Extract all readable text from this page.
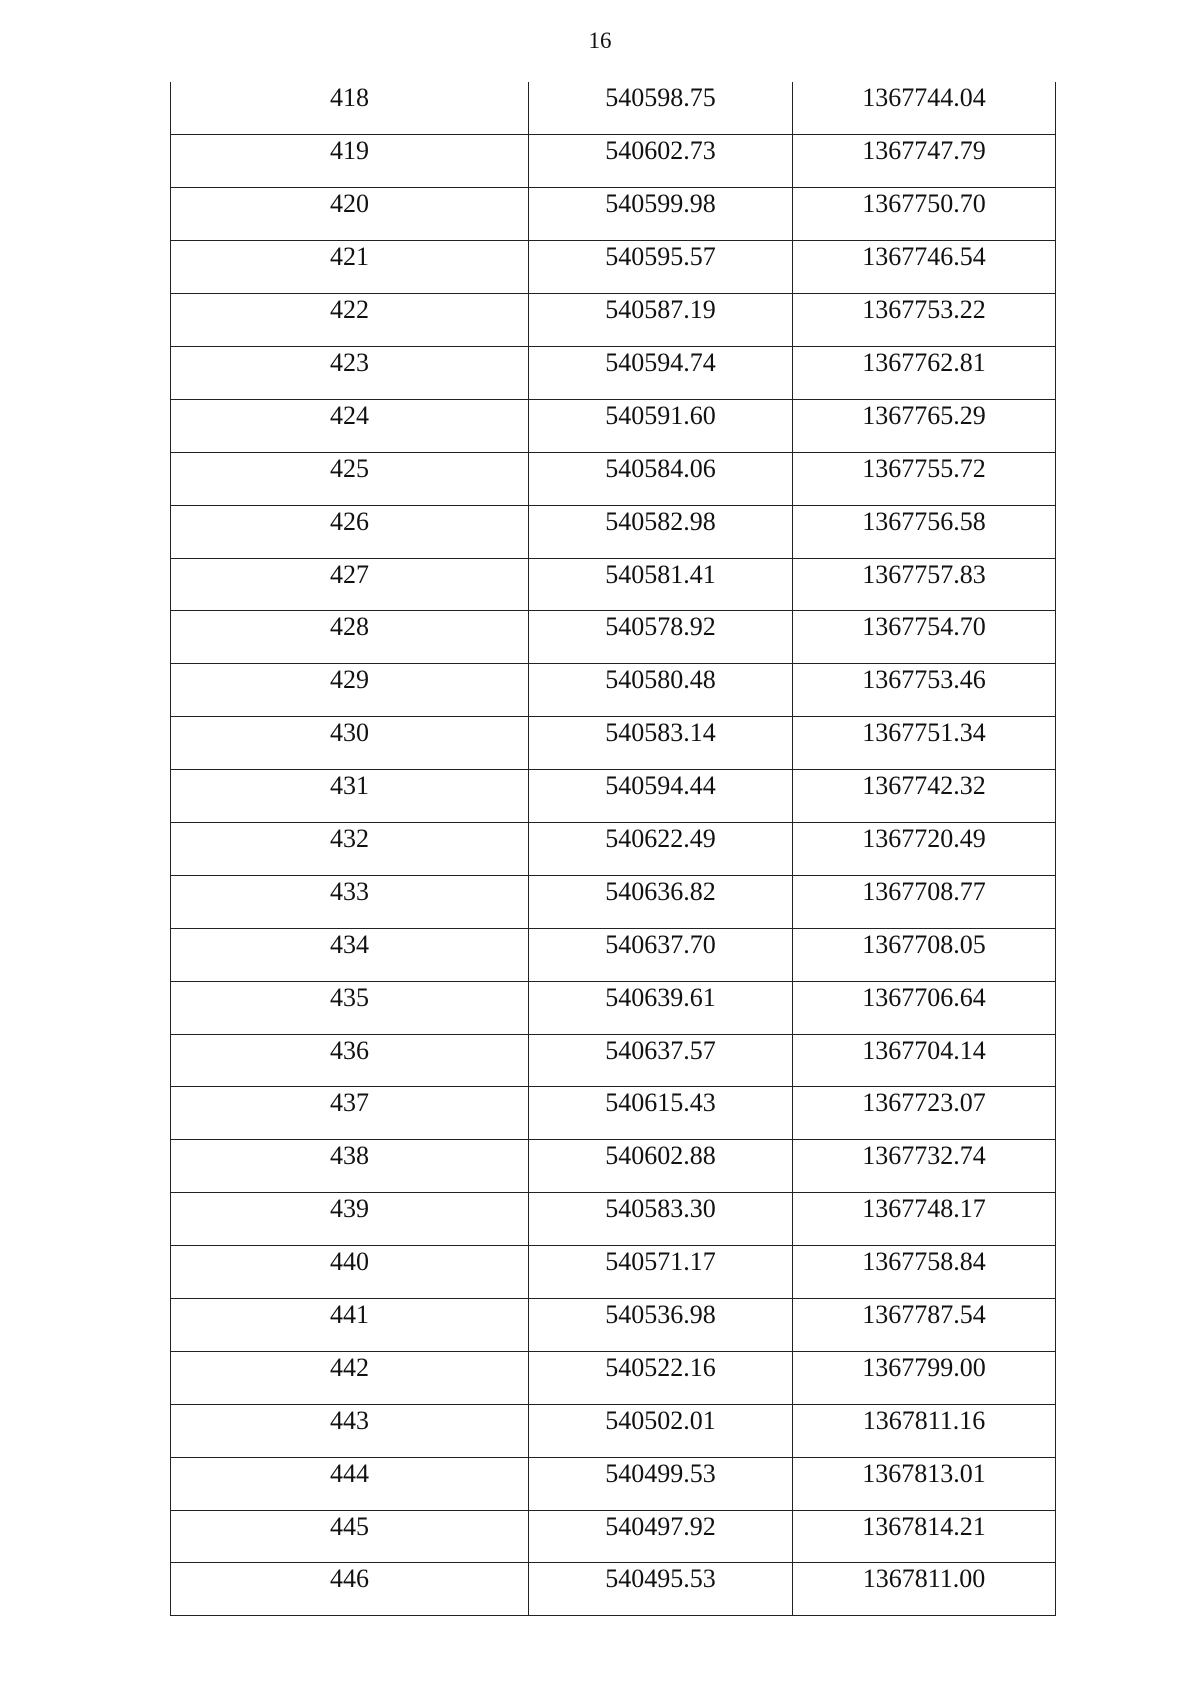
16
418	540598.75	1367744.04
419	540602.73	1367747.79
420	540599.98	1367750.70
421	540595.57	1367746.54
422	540587.19	1367753.22
423	540594.74	1367762.81
424	540591.60	1367765.29
425	540584.06	1367755.72
426	540582.98	1367756.58
427	540581.41	1367757.83
428	540578.92	1367754.70
429	540580.48	1367753.46
430	540583.14	1367751.34
431	540594.44	1367742.32
432	540622.49	1367720.49
433	540636.82	1367708.77
434	540637.70	1367708.05
435	540639.61	1367706.64
436	540637.57	1367704.14
437	540615.43	1367723.07
438	540602.88	1367732.74
439	540583.30	1367748.17
440	540571.17	1367758.84
441	540536.98	1367787.54
442	540522.16	1367799.00
443	540502.01	1367811.16
444	540499.53	1367813.01
445	540497.92	1367814.21
446	540495.53	1367811.00
